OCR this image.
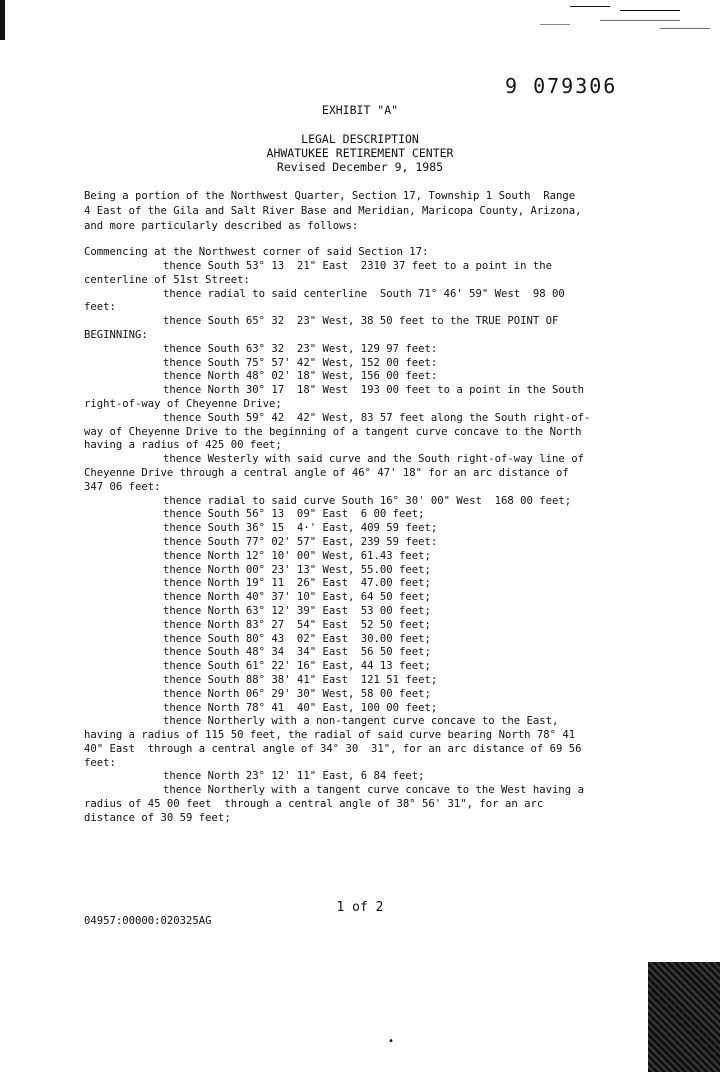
9 079306
EXHIBIT "A"
LEGAL DESCRIPTION
AHWATUKEE RETIREMENT CENTER
Revised December 9, 1985
Being a portion of the Northwest Quarter, Section 17, Township 1 South  Range
4 East of the Gila and Salt River Base and Meridian, Maricopa County, Arizona,
and more particularly described as follows:
Commencing at the Northwest corner of said Section 17:
thence South 53° 13  21" East  2310 37 feet to a point in the
centerline of 51st Street:
thence radial to said centerline  South 71° 46' 59" West  98 00
feet:
thence South 65° 32  23" West, 38 50 feet to the TRUE POINT OF
BEGINNING:
thence South 63° 32  23" West, 129 97 feet:
thence South 75° 57' 42" West, 152 00 feet:
thence North 48° 02' 18" West, 156 00 feet:
thence North 30° 17  18" West  193 00 feet to a point in the South
right-of-way of Cheyenne Drive;
thence South 59° 42  42" West, 83 57 feet along the South right-of-
way of Cheyenne Drive to the beginning of a tangent curve concave to the North
having a radius of 425 00 feet;
thence Westerly with said curve and the South right-of-way line of
Cheyenne Drive through a central angle of 46° 47' 18" for an arc distance of
347 06 feet:
thence radial to said curve South 16° 30' 00" West  168 00 feet;
thence South 56° 13  09" East  6 00 feet;
thence South 36° 15  4·' East, 409 59 feet;
thence South 77° 02' 57" East, 239 59 feet:
thence North 12° 10' 00" West, 61.43 feet;
thence North 00° 23' 13" West, 55.00 feet;
thence North 19° 11  26" East  47.00 feet;
thence North 40° 37' 10" East, 64 50 feet;
thence North 63° 12' 39" East  53 00 feet;
thence North 83° 27  54" East  52 50 feet;
thence South 80° 43  02" East  30.00 feet;
thence South 48° 34  34" East  56 50 feet;
thence South 61° 22' 16" East, 44 13 feet;
thence South 88° 38' 41" East  121 51 feet;
thence North 06° 29' 30" West, 58 00 feet;
thence North 78° 41  40" East, 100 00 feet;
thence Northerly with a non-tangent curve concave to the East,
having a radius of 115 50 feet, the radial of said curve bearing North 78° 41
40" East  through a central angle of 34° 30  31", for an arc distance of 69 56
feet:
thence North 23° 12' 11" East, 6 84 feet;
thence Northerly with a tangent curve concave to the West having a
radius of 45 00 feet  through a central angle of 38° 56' 31", for an arc
distance of 30 59 feet;
1 of 2
04957:00000:020325AG
•
